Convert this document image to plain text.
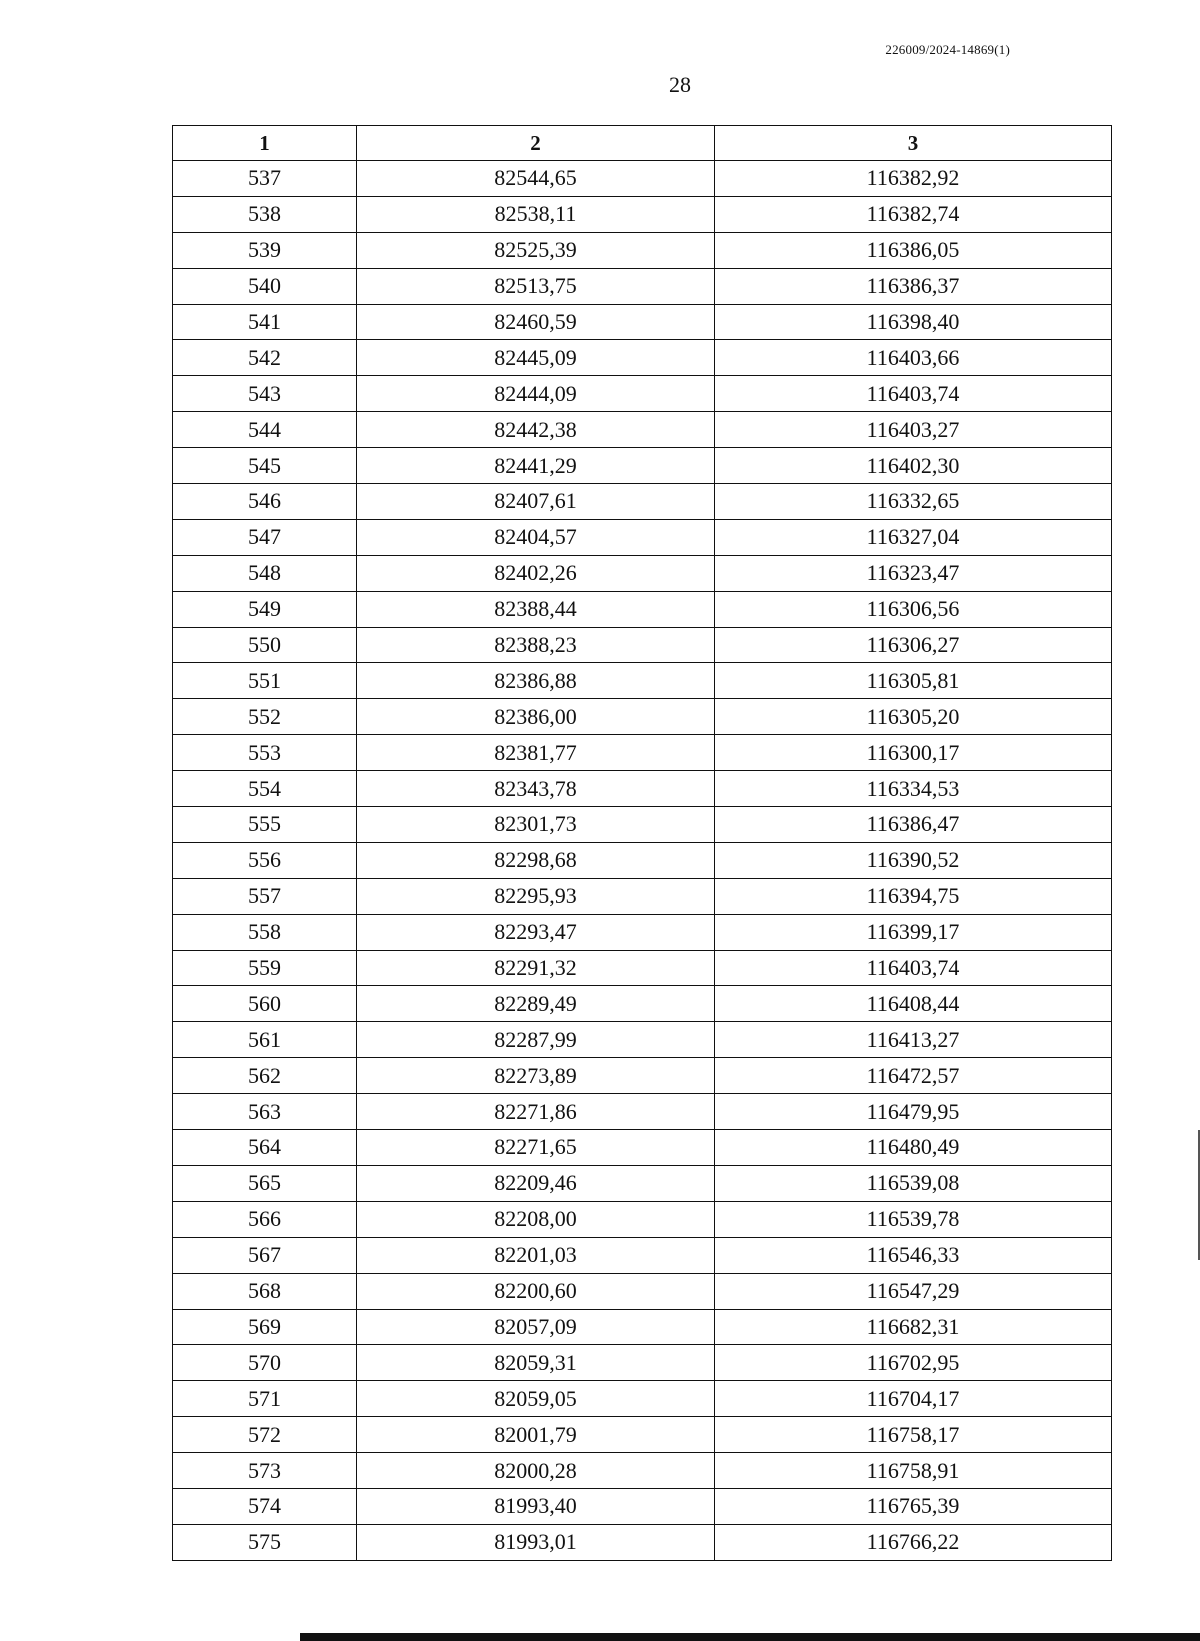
226009/2024-14869(1)
28
1	2	3
537	82544,65	116382,92
538	82538,11	116382,74
539	82525,39	116386,05
540	82513,75	116386,37
541	82460,59	116398,40
542	82445,09	116403,66
543	82444,09	116403,74
544	82442,38	116403,27
545	82441,29	116402,30
546	82407,61	116332,65
547	82404,57	116327,04
548	82402,26	116323,47
549	82388,44	116306,56
550	82388,23	116306,27
551	82386,88	116305,81
552	82386,00	116305,20
553	82381,77	116300,17
554	82343,78	116334,53
555	82301,73	116386,47
556	82298,68	116390,52
557	82295,93	116394,75
558	82293,47	116399,17
559	82291,32	116403,74
560	82289,49	116408,44
561	82287,99	116413,27
562	82273,89	116472,57
563	82271,86	116479,95
564	82271,65	116480,49
565	82209,46	116539,08
566	82208,00	116539,78
567	82201,03	116546,33
568	82200,60	116547,29
569	82057,09	116682,31
570	82059,31	116702,95
571	82059,05	116704,17
572	82001,79	116758,17
573	82000,28	116758,91
574	81993,40	116765,39
575	81993,01	116766,22
